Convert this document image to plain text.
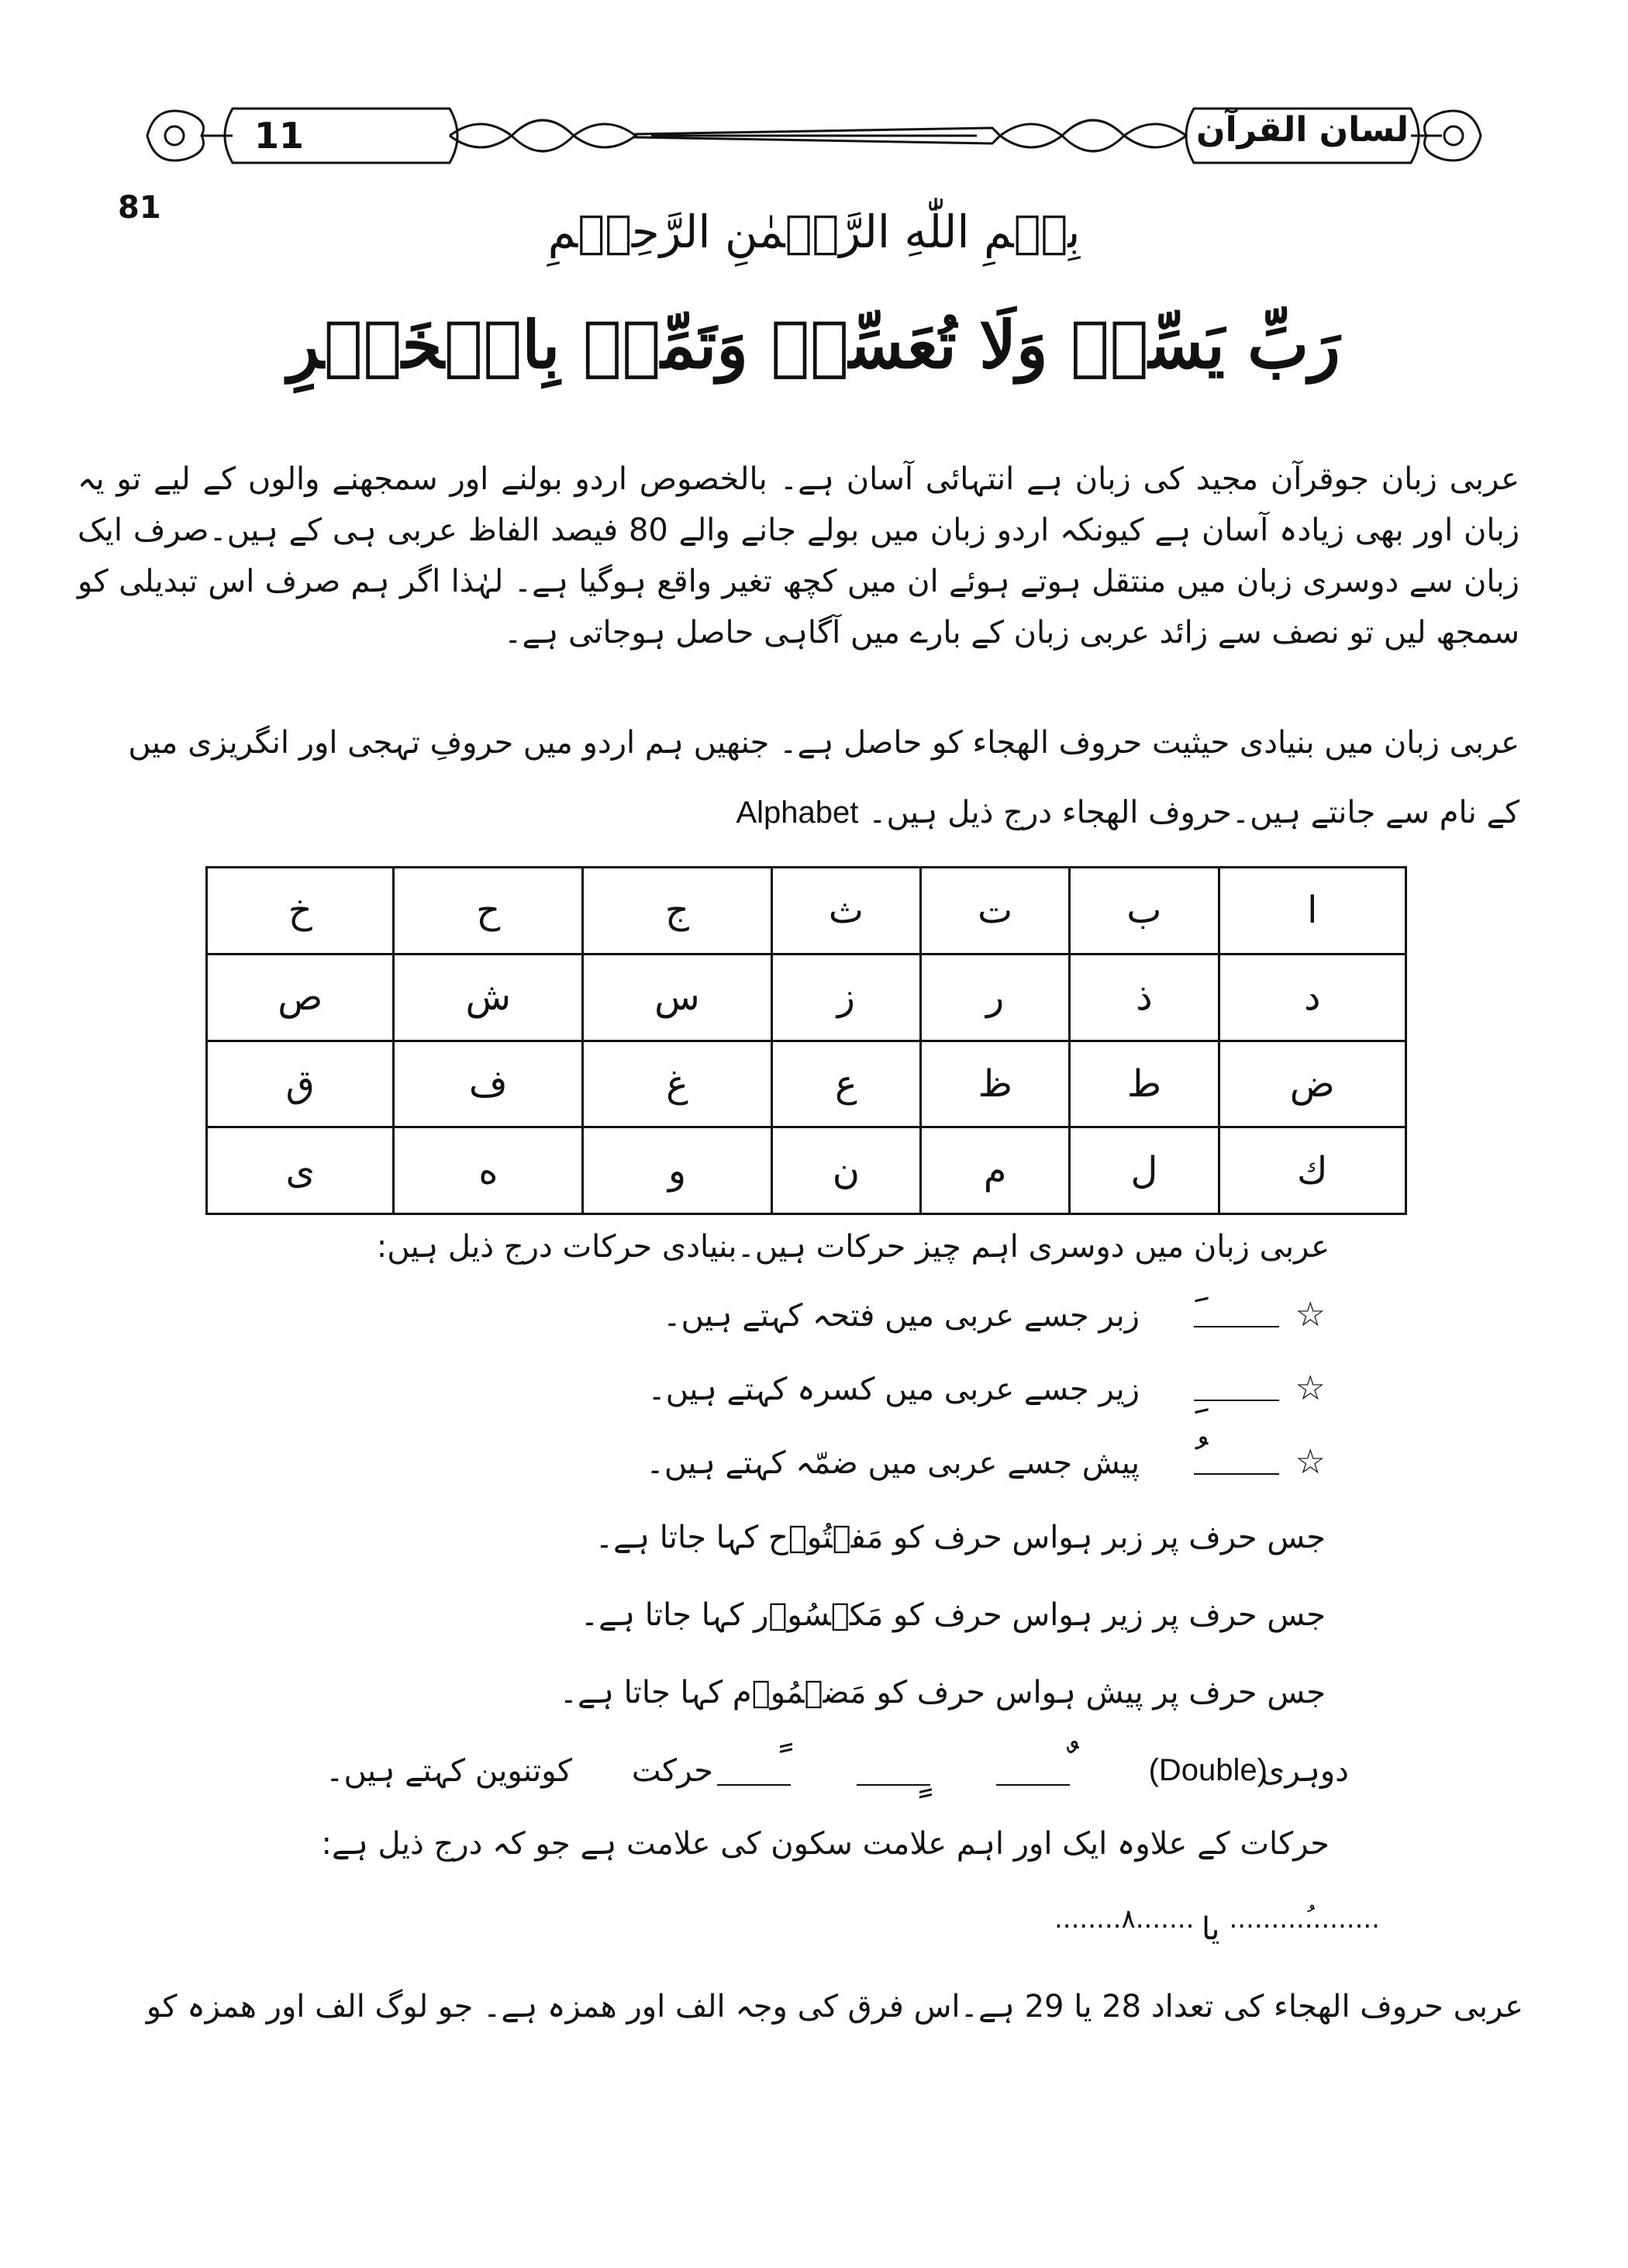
11	لسان القرآن
81	بِسۡمِ اللّٰهِ الرَّحۡمٰنِ الرَّحِيۡمِ
رَبِّ يَسِّرۡ وَلَا تُعَسِّرۡ وَتَمِّمۡ بِالۡخَيۡرِ
عربی زبان جوقرآن مجید کی زبان ہے انتہائی آسان ہے۔ بالخصوص اردو بولنے اور سمجھنے والوں کے لیے تو یہ زبان اور بھی زیادہ آسان ہے کیونکہ اردو زبان میں بولے جانے والے 80 فیصد الفاظ عربی ہی کے ہیں۔صرف ایک زبان سے دوسری زبان میں منتقل ہوتے ہوئے ان میں کچھ تغیر واقع ہوگیا ہے۔ لہٰذا اگر ہم صرف اس تبدیلی کو سمجھ لیں تو نصف سے زائد عربی زبان کے بارے میں آگاہی حاصل ہوجاتی ہے۔
عربی زبان میں بنیادی حیثیت حروف الھجاء کو حاصل ہے۔ جنھیں ہم اردو میں حروفِ تہجی اور انگریزی میں
کے نام سے جانتے ہیں۔حروف الھجاء درج ذیل ہیں۔ Alphabet
ا	ب	ت	ث	ج	ح	خ
د	ذ	ر	ز	س	ش	ص
ض	ط	ظ	ع	غ	ف	ق
ك	ل	م	ن	و	ه	ی
عربی زبان میں دوسری اہم چیز حرکات ہیں۔بنیادی حرکات درج ذیل ہیں:
☆
زبر جسے عربی میں فتحہ کہتے ہیں۔
☆
زیر جسے عربی میں کسرہ کہتے ہیں۔
☆
پیش جسے عربی میں ضمّہ کہتے ہیں۔
جس حرف پر زبر ہواس حرف کو مَفۡتُوۡح کہا جاتا ہے۔
جس حرف پر زیر ہواس حرف کو مَكۡسُوۡر کہا جاتا ہے۔
جس حرف پر پیش ہواس حرف کو مَضۡمُوۡم کہا جاتا ہے۔
دوہری
(Double)
حرکت
کوتنوین کہتے ہیں۔
حرکات کے علاوہ ایک اور اہم علامت سکون کی علامت ہے جو کہ درج ذیل ہے:
..........ُ........
یا
........٨.......
عربی حروف الھجاء کی تعداد 28 یا 29 ہے۔اس فرق کی وجہ الف اور ھمزہ ہے۔ جو لوگ الف اور ھمزہ کو
